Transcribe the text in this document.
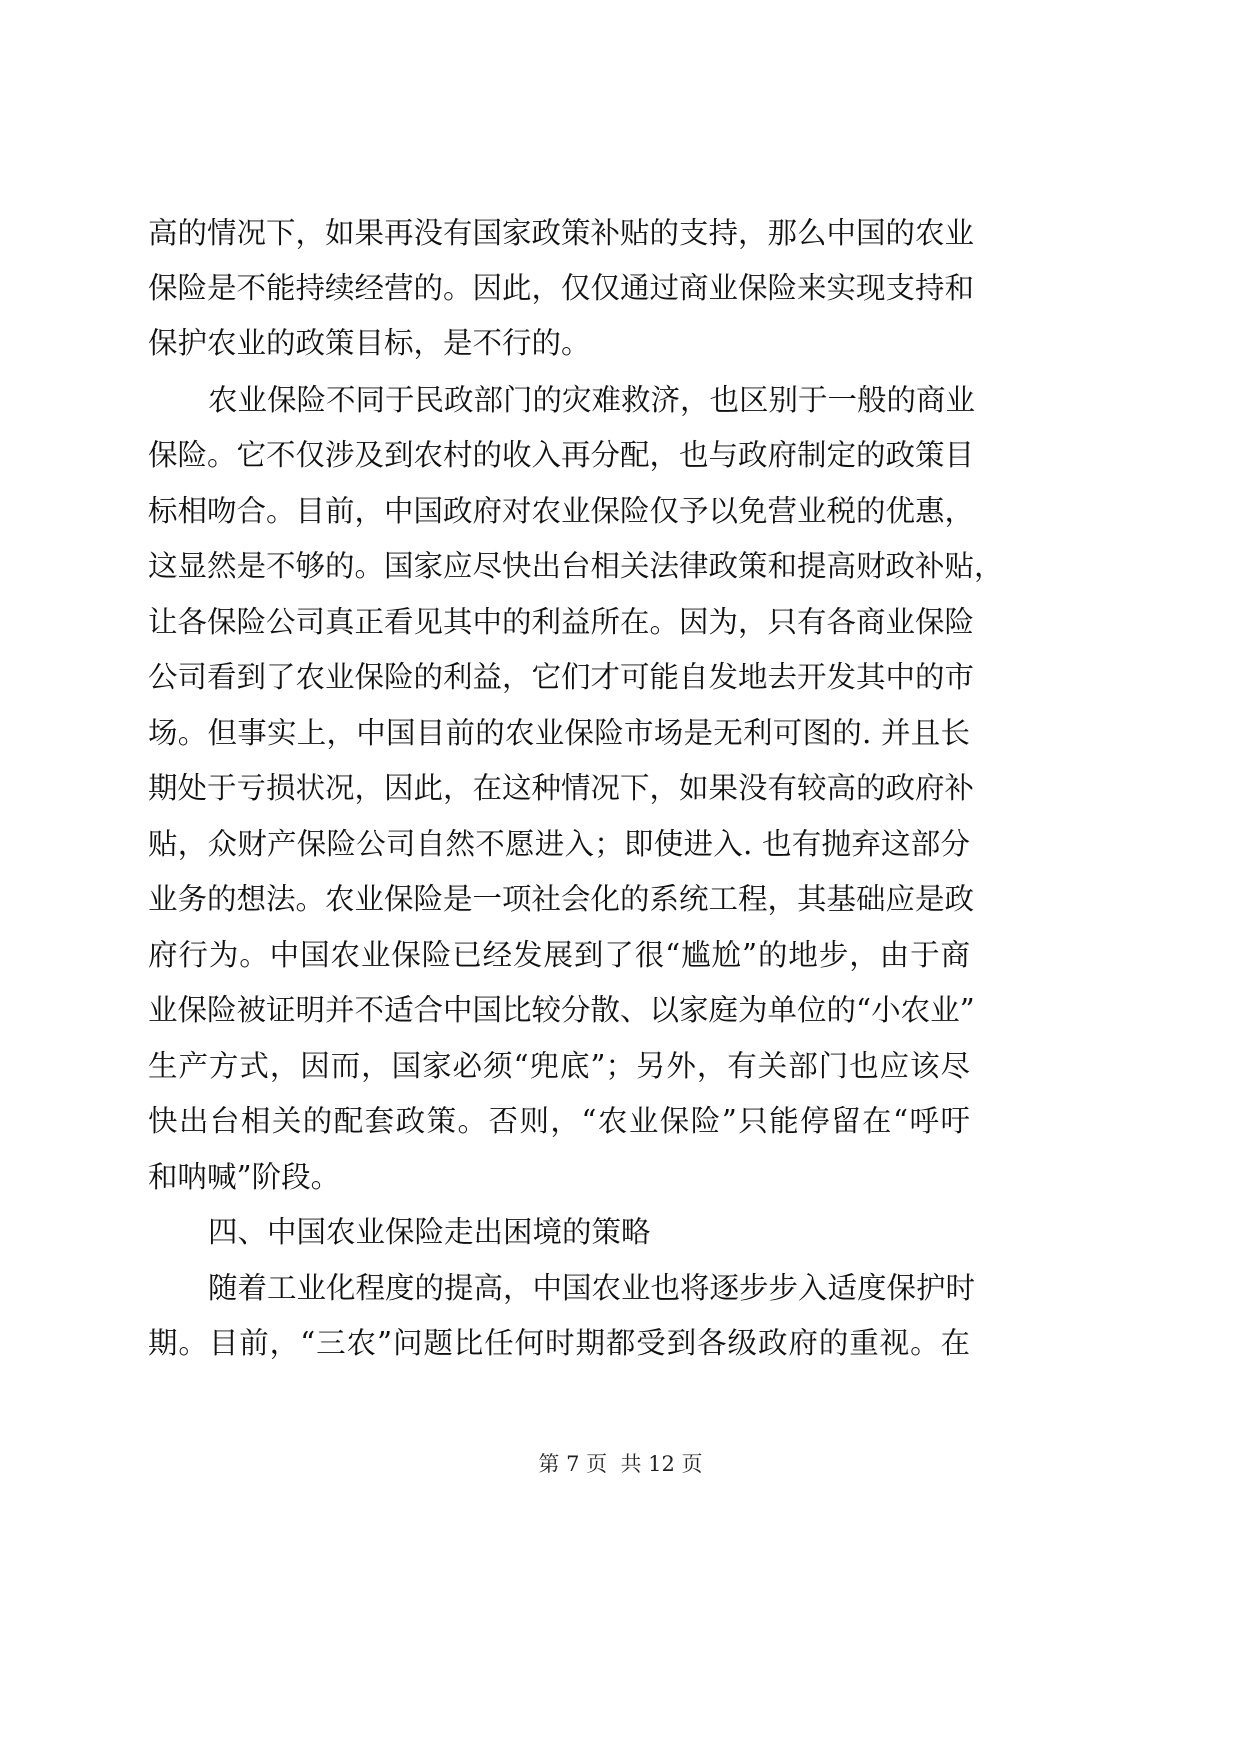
高的情况下，如果再没有国家政策补贴的支持，那么中国的农业
保险是不能持续经营的。因此，仅仅通过商业保险来实现支持和
保护农业的政策目标，是不行的。
农业保险不同于民政部门的灾难救济，也区别于一般的商业
保险。它不仅涉及到农村的收入再分配，也与政府制定的政策目
标相吻合。目前，中国政府对农业保险仅予以免营业税的优惠，
这显然是不够的。国家应尽快出台相关法律政策和提高财政补贴，
让各保险公司真正看见其中的利益所在。因为，只有各商业保险
公司看到了农业保险的利益，它们才可能自发地去开发其中的市
场。但事实上，中国目前的农业保险市场是无利可图的. 并且长
期处于亏损状况，因此，在这种情况下，如果没有较高的政府补
贴，众财产保险公司自然不愿进入；即使进入. 也有抛弃这部分
业务的想法。农业保险是一项社会化的系统工程，其基础应是政
府行为。中国农业保险已经发展到了很“尴尬”的地步，由于商
业保险被证明并不适合中国比较分散、以家庭为单位的“小农业”
生产方式，因而，国家必须“兜底”；另外，有关部门也应该尽
快出台相关的配套政策。否则，“农业保险”只能停留在“呼吁
和呐喊”阶段。
四、中国农业保险走出困境的策略
随着工业化程度的提高，中国农业也将逐步步入适度保护时
期。目前，“三农”问题比任何时期都受到各级政府的重视。在
第 7 页  共 12 页
